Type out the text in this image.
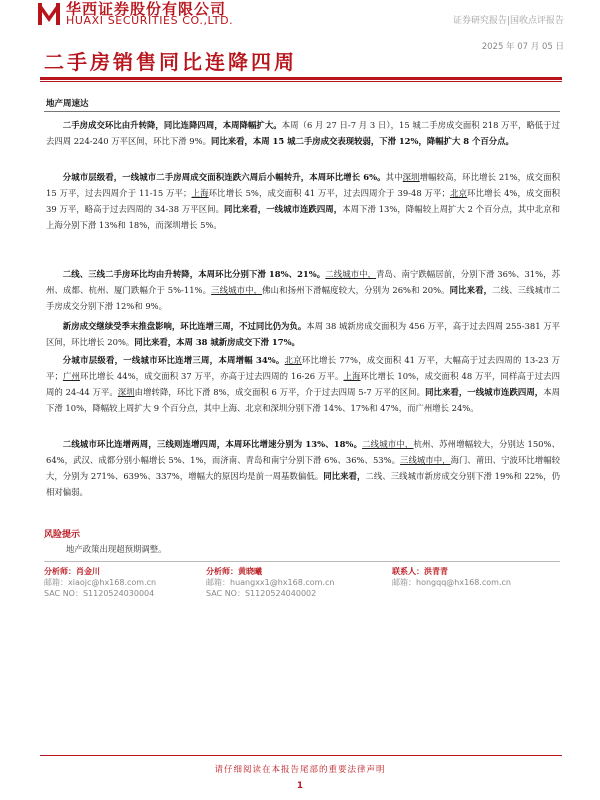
华西证券股份有限公司
HUAXI SECURITIES CO.,LTD.	证券研究报告|国收点评报告
2025 年 07 月 05 日
二手房销售同比连降四周
地产周速达
二手房成交环比由升转降，同比连降四周，本周降幅扩大。本周（6 月 27 日-7 月 3 日），15 城二手房成交面积 218 万平，略低于过去四周 224-240 万平区间，环比下滑 9%。同比来看，本周 15 城二手房成交表现较弱，下滑 12%，降幅扩大 8 个百分点。
分城市层级看，一线城市二手房周成交面积连跌六周后小幅转升，本周环比增长 6%。其中深圳增幅较高，环比增长 21%，成交面积 15 万平，过去四周介于 11-15 万平；上海环比增长 5%，成交面积 41 万平，过去四周介于 39-48 万平；北京环比增长 4%，成交面积 39 万平，略高于过去四周的 34-38 万平区间。同比来看，一线城市连跌四周，本周下滑 13%，降幅较上周扩大 2 个百分点，其中北京和上海分别下滑 13%和 18%，而深圳增长 5%。
二线、三线二手房环比均由升转降，本周环比分别下滑 18%、21%。二线城市中，青岛、南宁跌幅居前，分别下滑 36%、31%，苏州、成都、杭州、厦门跌幅介于 5%-11%。三线城市中，佛山和扬州下滑幅度较大，分别为 26%和 20%。同比来看，二线、三线城市二手房成交分别下滑 12%和 9%。
新房成交继续受季末推盘影响，环比连增三周，不过同比仍为负。本周 38 城新房成交面积为 456 万平，高于过去四周 255-381 万平区间，环比增长 20%。同比来看，本周 38 城新房成交下滑 17%。
分城市层级看，一线城市环比连增三周，本周增幅 34%。北京环比增长 77%，成交面积 41 万平，大幅高于过去四周的 13-23 万平；广州环比增长 44%，成交面积 37 万平，亦高于过去四周的 16-26 万平。上海环比增长 10%，成交面积 48 万平，同样高于过去四周的 24-44 万平。深圳由增转降，环比下滑 8%，成交面积 6 万平，介于过去四周 5-7 万平的区间。同比来看，一线城市连跌四周，本周下滑 10%，降幅较上周扩大 9 个百分点，其中上海、北京和深圳分别下滑 14%、17%和 47%，而广州增长 24%。
二线城市环比连增两周，三线则连增四周，本周环比增速分别为 13%、18%。二线城市中，杭州、苏州增幅较大，分别达 150%、64%，武汉、成都分别小幅增长 5%、1%，而济南、青岛和南宁分别下滑 6%、36%、53%。三线城市中，海门、莆田、宁波环比增幅较大，分别为 271%、639%、337%，增幅大的原因均是前一周基数偏低。同比来看，二线、三线城市新房成交分别下滑 19%和 22%，仍相对偏弱。
风险提示
地产政策出现超预期调整。
分析师：肖金川
邮箱：xiaojc@hx168.com.cn
SAC NO：S1120524030004
分析师：黄晓曦
邮箱：huangxx1@hx168.com.cn
SAC NO：S1120524040002
联系人：洪青青
邮箱：hongqq@hx168.com.cn
请仔细阅读在本报告尾部的重要法律声明
1
